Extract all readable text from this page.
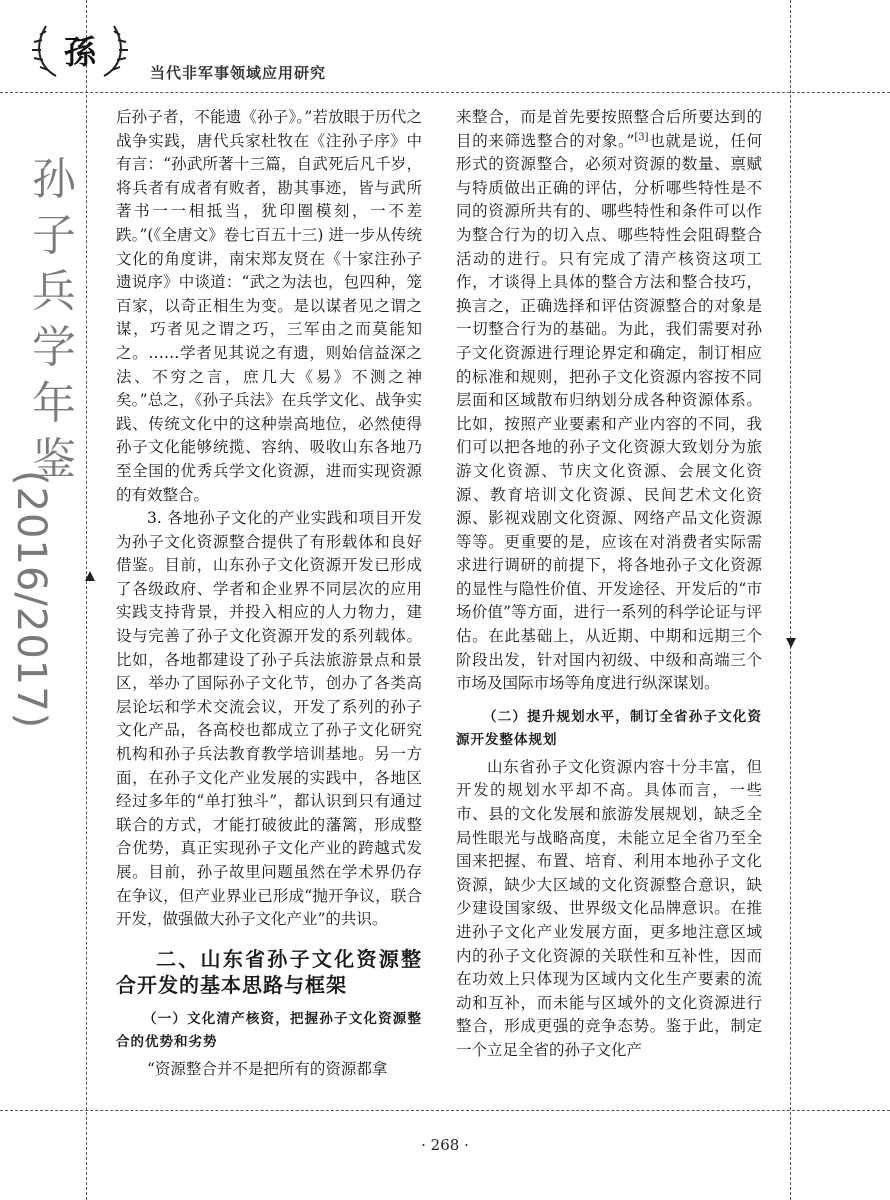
孫
当代非军事领域应用研究
孙
子
兵
学
年
鉴
(2016/2017)

后孙子者，不能遗《孙子》。”若放眼于历代之战争实践，唐代兵家杜牧在《注孙子序》中有言：“孙武所著十三篇，自武死后凡千岁，将兵者有成者有败者，勘其事迹，皆与武所著书一一相抵当，犹印圈模刻，一不差跌。”(《全唐文》卷七百五十三) 进一步从传统文化的角度讲，南宋郑友贤在《十家注孙子遗说序》中谈道：“武之为法也，包四种，笼百家，以奇正相生为变。是以谋者见之谓之谋，巧者见之谓之巧，三军由之而莫能知之。……学者见其说之有遗，则始信益深之法、不穷之言，庶几大《易》不测之神矣。”总之，《孙子兵法》在兵学文化、战争实践、传统文化中的这种崇高地位，必然使得孙子文化能够统揽、容纳、吸收山东各地乃至全国的优秀兵学文化资源，进而实现资源的有效整合。

3. 各地孙子文化的产业实践和项目开发为孙子文化资源整合提供了有形载体和良好借鉴。目前，山东孙子文化资源开发已形成了各级政府、学者和企业界不同层次的应用实践支持背景，并投入相应的人力物力，建设与完善了孙子文化资源开发的系列载体。比如，各地都建设了孙子兵法旅游景点和景区，举办了国际孙子文化节，创办了各类高层论坛和学术交流会议，开发了系列的孙子文化产品，各高校也都成立了孙子文化研究机构和孙子兵法教育教学培训基地。另一方面，在孙子文化产业发展的实践中，各地区经过多年的“单打独斗”，都认识到只有通过联合的方式，才能打破彼此的藩篱，形成整合优势，真正实现孙子文化产业的跨越式发展。目前，孙子故里问题虽然在学术界仍存在争议，但产业界业已形成“抛开争议，联合开发，做强做大孙子文化产业”的共识。

二、山东省孙子文化资源整合开发的基本思路与框架
（一）文化清产核资，把握孙子文化资源整合的优势和劣势

“资源整合并不是把所有的资源都拿

来整合，而是首先要按照整合后所要达到的目的来筛选整合的对象。”[3]也就是说，任何形式的资源整合，必须对资源的数量、禀赋与特质做出正确的评估，分析哪些特性是不同的资源所共有的、哪些特性和条件可以作为整合行为的切入点、哪些特性会阻碍整合活动的进行。只有完成了清产核资这项工作，才谈得上具体的整合方法和整合技巧，换言之，正确选择和评估资源整合的对象是一切整合行为的基础。为此，我们需要对孙子文化资源进行理论界定和确定，制订相应的标准和规则，把孙子文化资源内容按不同层面和区域散布归纳划分成各种资源体系。比如，按照产业要素和产业内容的不同，我们可以把各地的孙子文化资源大致划分为旅游文化资源、节庆文化资源、会展文化资源、教育培训文化资源、民间艺术文化资源、影视戏剧文化资源、网络产品文化资源等等。更重要的是，应该在对消费者实际需求进行调研的前提下，将各地孙子文化资源的显性与隐性价值、开发途径、开发后的“市场价值”等方面，进行一系列的科学论证与评估。在此基础上，从近期、中期和远期三个阶段出发，针对国内初级、中级和高端三个市场及国际市场等角度进行纵深谋划。

（二）提升规划水平，制订全省孙子文化资源开发整体规划

山东省孙子文化资源内容十分丰富，但开发的规划水平却不高。具体而言，一些市、县的文化发展和旅游发展规划，缺乏全局性眼光与战略高度，未能立足全省乃至全国来把握、布置、培育、利用本地孙子文化资源，缺少大区域的文化资源整合意识，缺少建设国家级、世界级文化品牌意识。在推进孙子文化产业发展方面，更多地注意区域内的孙子文化资源的关联性和互补性，因而在功效上只体现为区域内文化生产要素的流动和互补，而未能与区域外的文化资源进行整合，形成更强的竞争态势。鉴于此，制定一个立足全省的孙子文化产

· 268 ·
